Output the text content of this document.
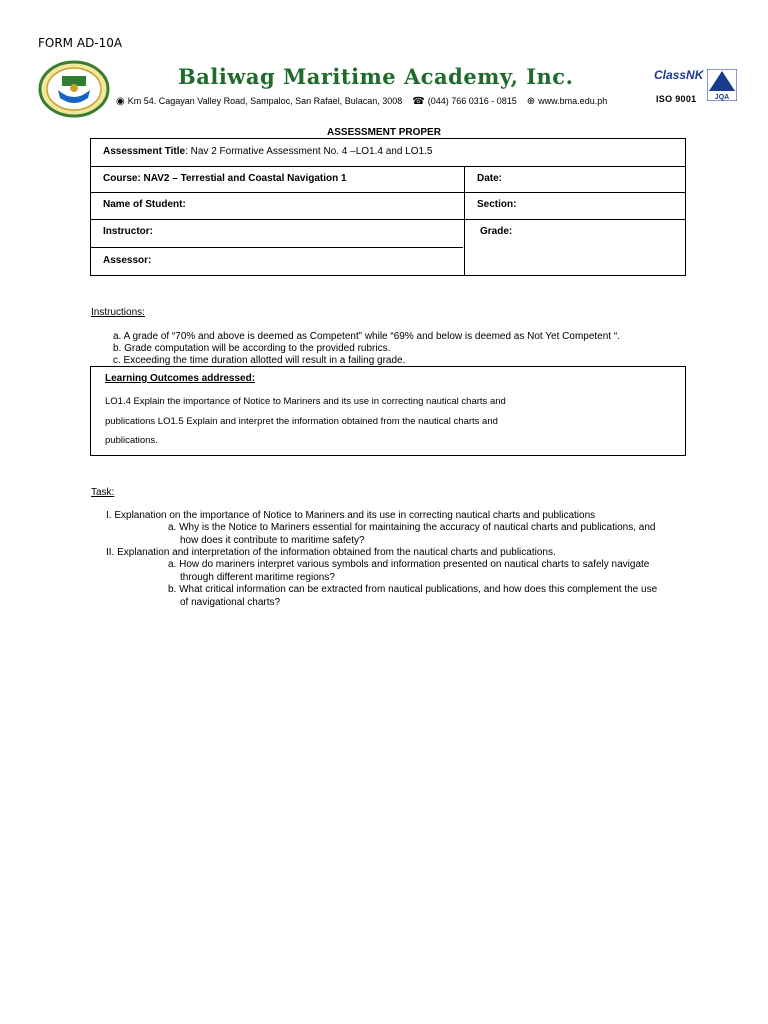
FORM AD-10A
Baliwag Maritime Academy, Inc.
◉ Km 54. Cagayan Valley Road, Sampaloc, San Rafael, Bulacan, 3008 ☎ (044) 766 0316 - 0815 ⊕ www.bma.edu.ph
ClassNK
JQA
ISO 9001
ASSESSMENT PROPER
Assessment Title: Nav 2 Formative Assessment No. 4 –LO1.4 and LO1.5
Course: NAV2 – Terrestial and Coastal Navigation 1	Date:
Name of Student:	Section:
Instructor:	Grade:
Assessor:
Instructions:
a. A grade of “70% and above is deemed as Competent” while “69% and below is deemed as Not Yet Competent “.
b. Grade computation will be according to the provided rubrics.
c. Exceeding the time duration allotted will result in a failing grade.
Learning Outcomes addressed:
LO1.4 Explain the importance of Notice to Mariners and its use in correcting nautical charts and
publications LO1.5 Explain and interpret the information obtained from the nautical charts and
publications.
Task:
I. Explanation on the importance of Notice to Mariners and its use in correcting nautical charts and publications
a. Why is the Notice to Mariners essential for maintaining the accuracy of nautical charts and publications, and
how does it contribute to maritime safety?
II. Explanation and interpretation of the information obtained from the nautical charts and publications.
a. How do mariners interpret various symbols and information presented on nautical charts to safely navigate
through different maritime regions?
b. What critical information can be extracted from nautical publications, and how does this complement the use
of navigational charts?
